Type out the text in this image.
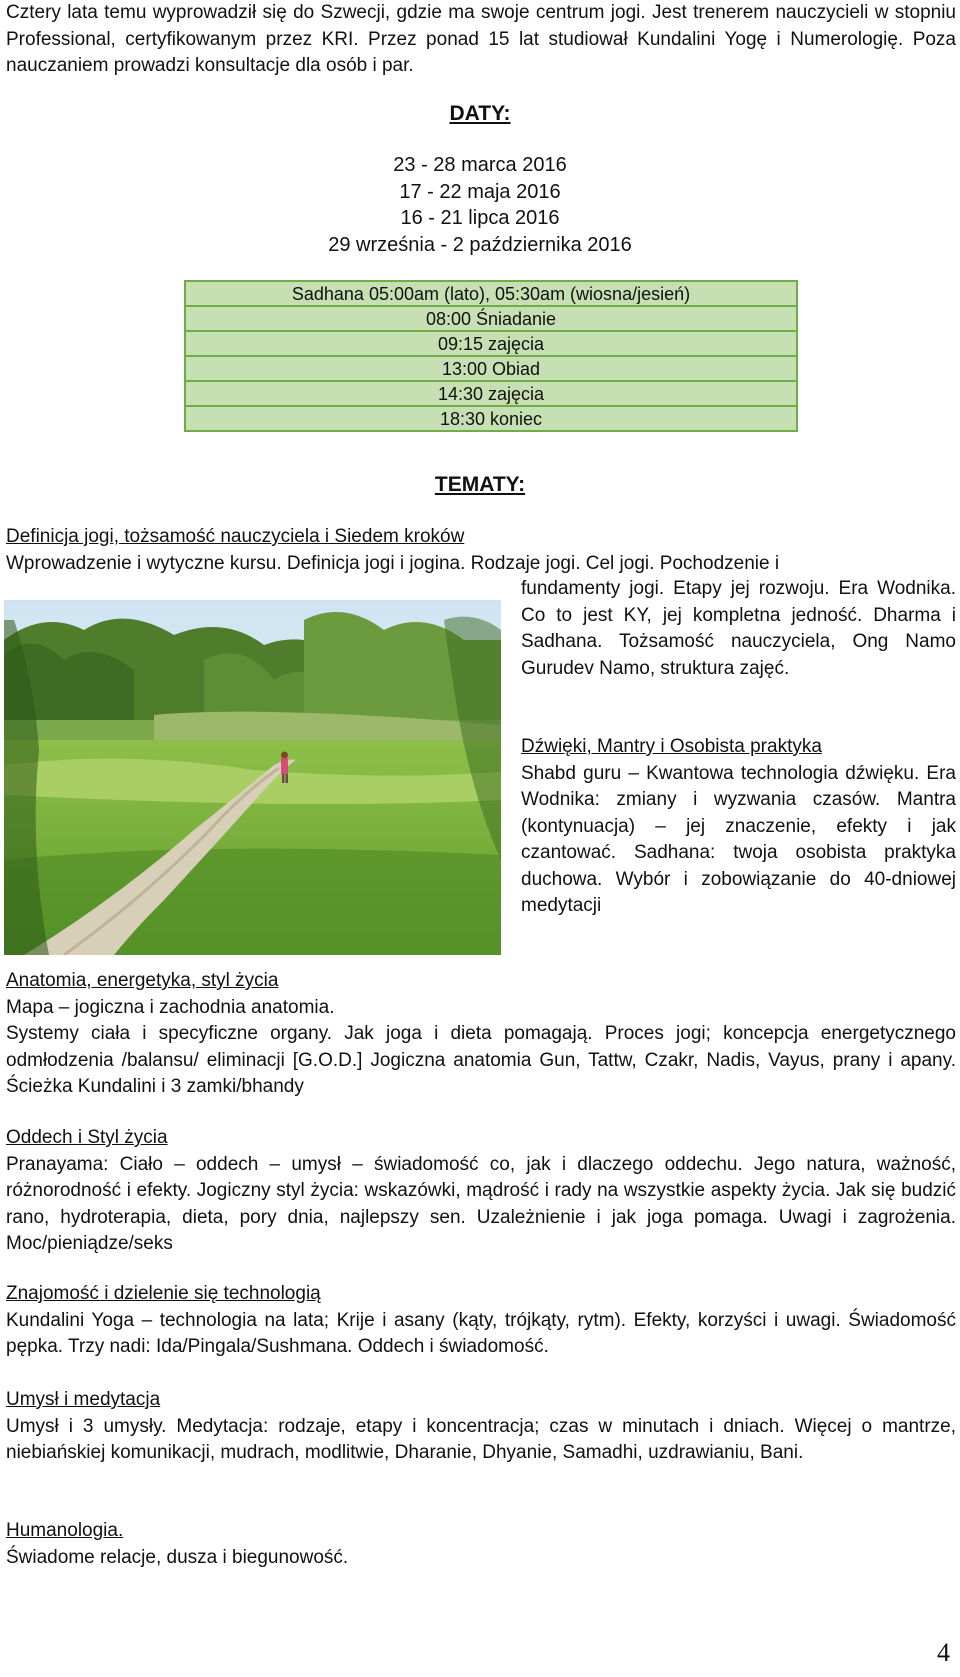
Cztery lata temu wyprowadził się do Szwecji, gdzie ma swoje centrum jogi. Jest trenerem nauczycieli w stopniu Professional, certyfikowanym przez KRI. Przez ponad 15 lat studiował Kundalini Yogę i Numerologię. Poza nauczaniem prowadzi konsultacje dla osób i par.

DATY:
23 - 28 marca 2016
17 - 22 maja 2016
16 - 21 lipca 2016
29 września - 2 października 2016
Sadhana 05:00am (lato), 05:30am (wiosna/jesień)
08:00 Śniadanie
09:15 zajęcia
13:00 Obiad
14:30 zajęcia
18:30 koniec
TEMATY:
Definicja jogi, tożsamość nauczyciela i Siedem kroków
Wprowadzenie i wytyczne kursu. Definicja jogi i jogina. Rodzaje jogi. Cel jogi. Pochodzenie i

fundamenty jogi. Etapy jej rozwoju. Era Wodnika. Co to jest KY, jej kompletna jedność. Dharma i Sadhana. Tożsamość nauczyciela, Ong Namo Gurudev Namo, struktura zajęć.

Dźwięki, Mantry i Osobista praktyka

Shabd guru – Kwantowa technologia dźwięku. Era Wodnika: zmiany i wyzwania czasów. Mantra (kontynuacja) – jej znaczenie, efekty i jak czantować. Sadhana: twoja osobista praktyka duchowa. Wybór i zobowiązanie do 40-dniowej medytacji

Anatomia, energetyka, styl życia
Mapa – jogiczna i zachodnia anatomia.

Systemy ciała i specyficzne organy. Jak joga i dieta pomagają. Proces jogi; koncepcja energetycznego odmłodzenia /balansu/ eliminacji [G.O.D.] Jogiczna anatomia Gun, Tattw, Czakr, Nadis, Vayus, prany i apany. Ścieżka Kundalini i 3 zamki/bhandy

Oddech i Styl życia

Pranayama: Ciało – oddech – umysł – świadomość co, jak i dlaczego oddechu. Jego natura, ważność, różnorodność i efekty. Jogiczny styl życia: wskazówki, mądrość i rady na wszystkie aspekty życia. Jak się budzić rano, hydroterapia, dieta, pory dnia, najlepszy sen. Uzależnienie i jak joga pomaga. Uwagi i zagrożenia. Moc/pieniądze/seks

Znajomość i dzielenie się technologią

Kundalini Yoga – technologia na lata; Krije i asany (kąty, trójkąty, rytm). Efekty, korzyści i uwagi. Świadomość pępka. Trzy nadi: Ida/Pingala/Sushmana. Oddech i świadomość.

Umysł i medytacja

Umysł i 3 umysły. Medytacja: rodzaje, etapy i koncentracja; czas w minutach i dniach. Więcej o mantrze, niebiańskiej komunikacji, mudrach, modlitwie, Dharanie, Dhyanie, Samadhi, uzdrawianiu, Bani.

Humanologia.

Świadome relacje, dusza i biegunowość.

4
